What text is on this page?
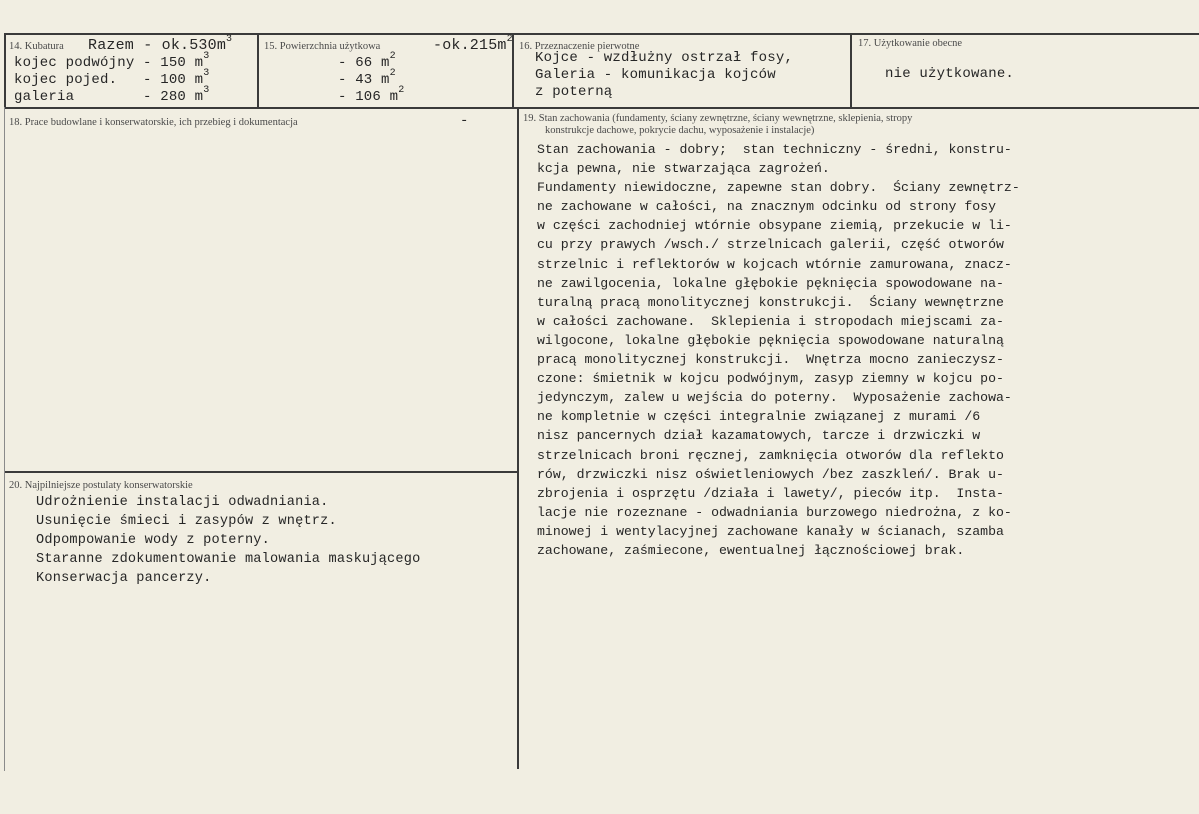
14. Kubatura Razem - $ok.530m^3$
kojec podwójny - 150 $m^3$
kojec pojed.   - 100 $m^3$
galeria        - 280 $m^3$
15. Powierzchnia użytkowa	$-ok.215m^2$
- 66 $m^2$
- 43 $m^2$
- 106 $m^2$
16. Przeznaczenie pierwotne
Kojce - wzdłużny ostrzał fosy,
Galeria - komunikacja kojców
z poterną
17. Użytkowanie obecne
nie użytkowane.
18. Prace budowlane i konserwatorskie, ich przebieg i dokumentacja	-	19. Stan zachowania (fundamenty, ściany zewnętrzne, ściany wewnętrzne, sklepienia, stropy
konstrukcje dachowe, pokrycie dachu, wyposażenie i instalacje)
Stan zachowania - dobry;  stan techniczny - średni, konstru-
kcja pewna, nie stwarzająca zagrożeń.
Fundamenty niewidoczne, zapewne stan dobry.  Ściany zewnętrz-
ne zachowane w całości, na znacznym odcinku od strony fosy
w części zachodniej wtórnie obsypane ziemią, przekucie w li-
cu przy prawych /wsch./ strzelnicach galerii, część otworów
strzelnic i reflektorów w kojcach wtórnie zamurowana, znacz-
ne zawilgocenia, lokalne głębokie pęknięcia spowodowane na-
turalną pracą monolitycznej konstrukcji.  Ściany wewnętrzne
w całości zachowane.  Sklepienia i stropodach miejscami za-
wilgocone, lokalne głębokie pęknięcia spowodowane naturalną
pracą monolitycznej konstrukcji.  Wnętrza mocno zanieczysz-
czone: śmietnik w kojcu podwójnym, zasyp ziemny w kojcu po-
jedynczym, zalew u wejścia do poterny.  Wyposażenie zachowa-
ne kompletnie w części integralnie związanej z murami /6
nisz pancernych dział kazamatowych, tarcze i drzwiczki w
strzelnicach broni ręcznej, zamknięcia otworów dla reflekto
rów, drzwiczki nisz oświetleniowych /bez zaszkleń/. Brak u-
zbrojenia i osprzętu /działa i lawety/, pieców itp.  Insta-
lacje nie rozeznane - odwadniania burzowego niedrożna, z ko-
minowej i wentylacyjnej zachowane kanały w ścianach, szamba
zachowane, zaśmiecone, ewentualnej łącznościowej brak.
20. Najpilniejsze postulaty konserwatorskie
Udrożnienie instalacji odwadniania.
Usunięcie śmieci i zasypów z wnętrz.
Odpompowanie wody z poterny.
Staranne zdokumentowanie malowania maskującego
Konserwacja pancerzy.
